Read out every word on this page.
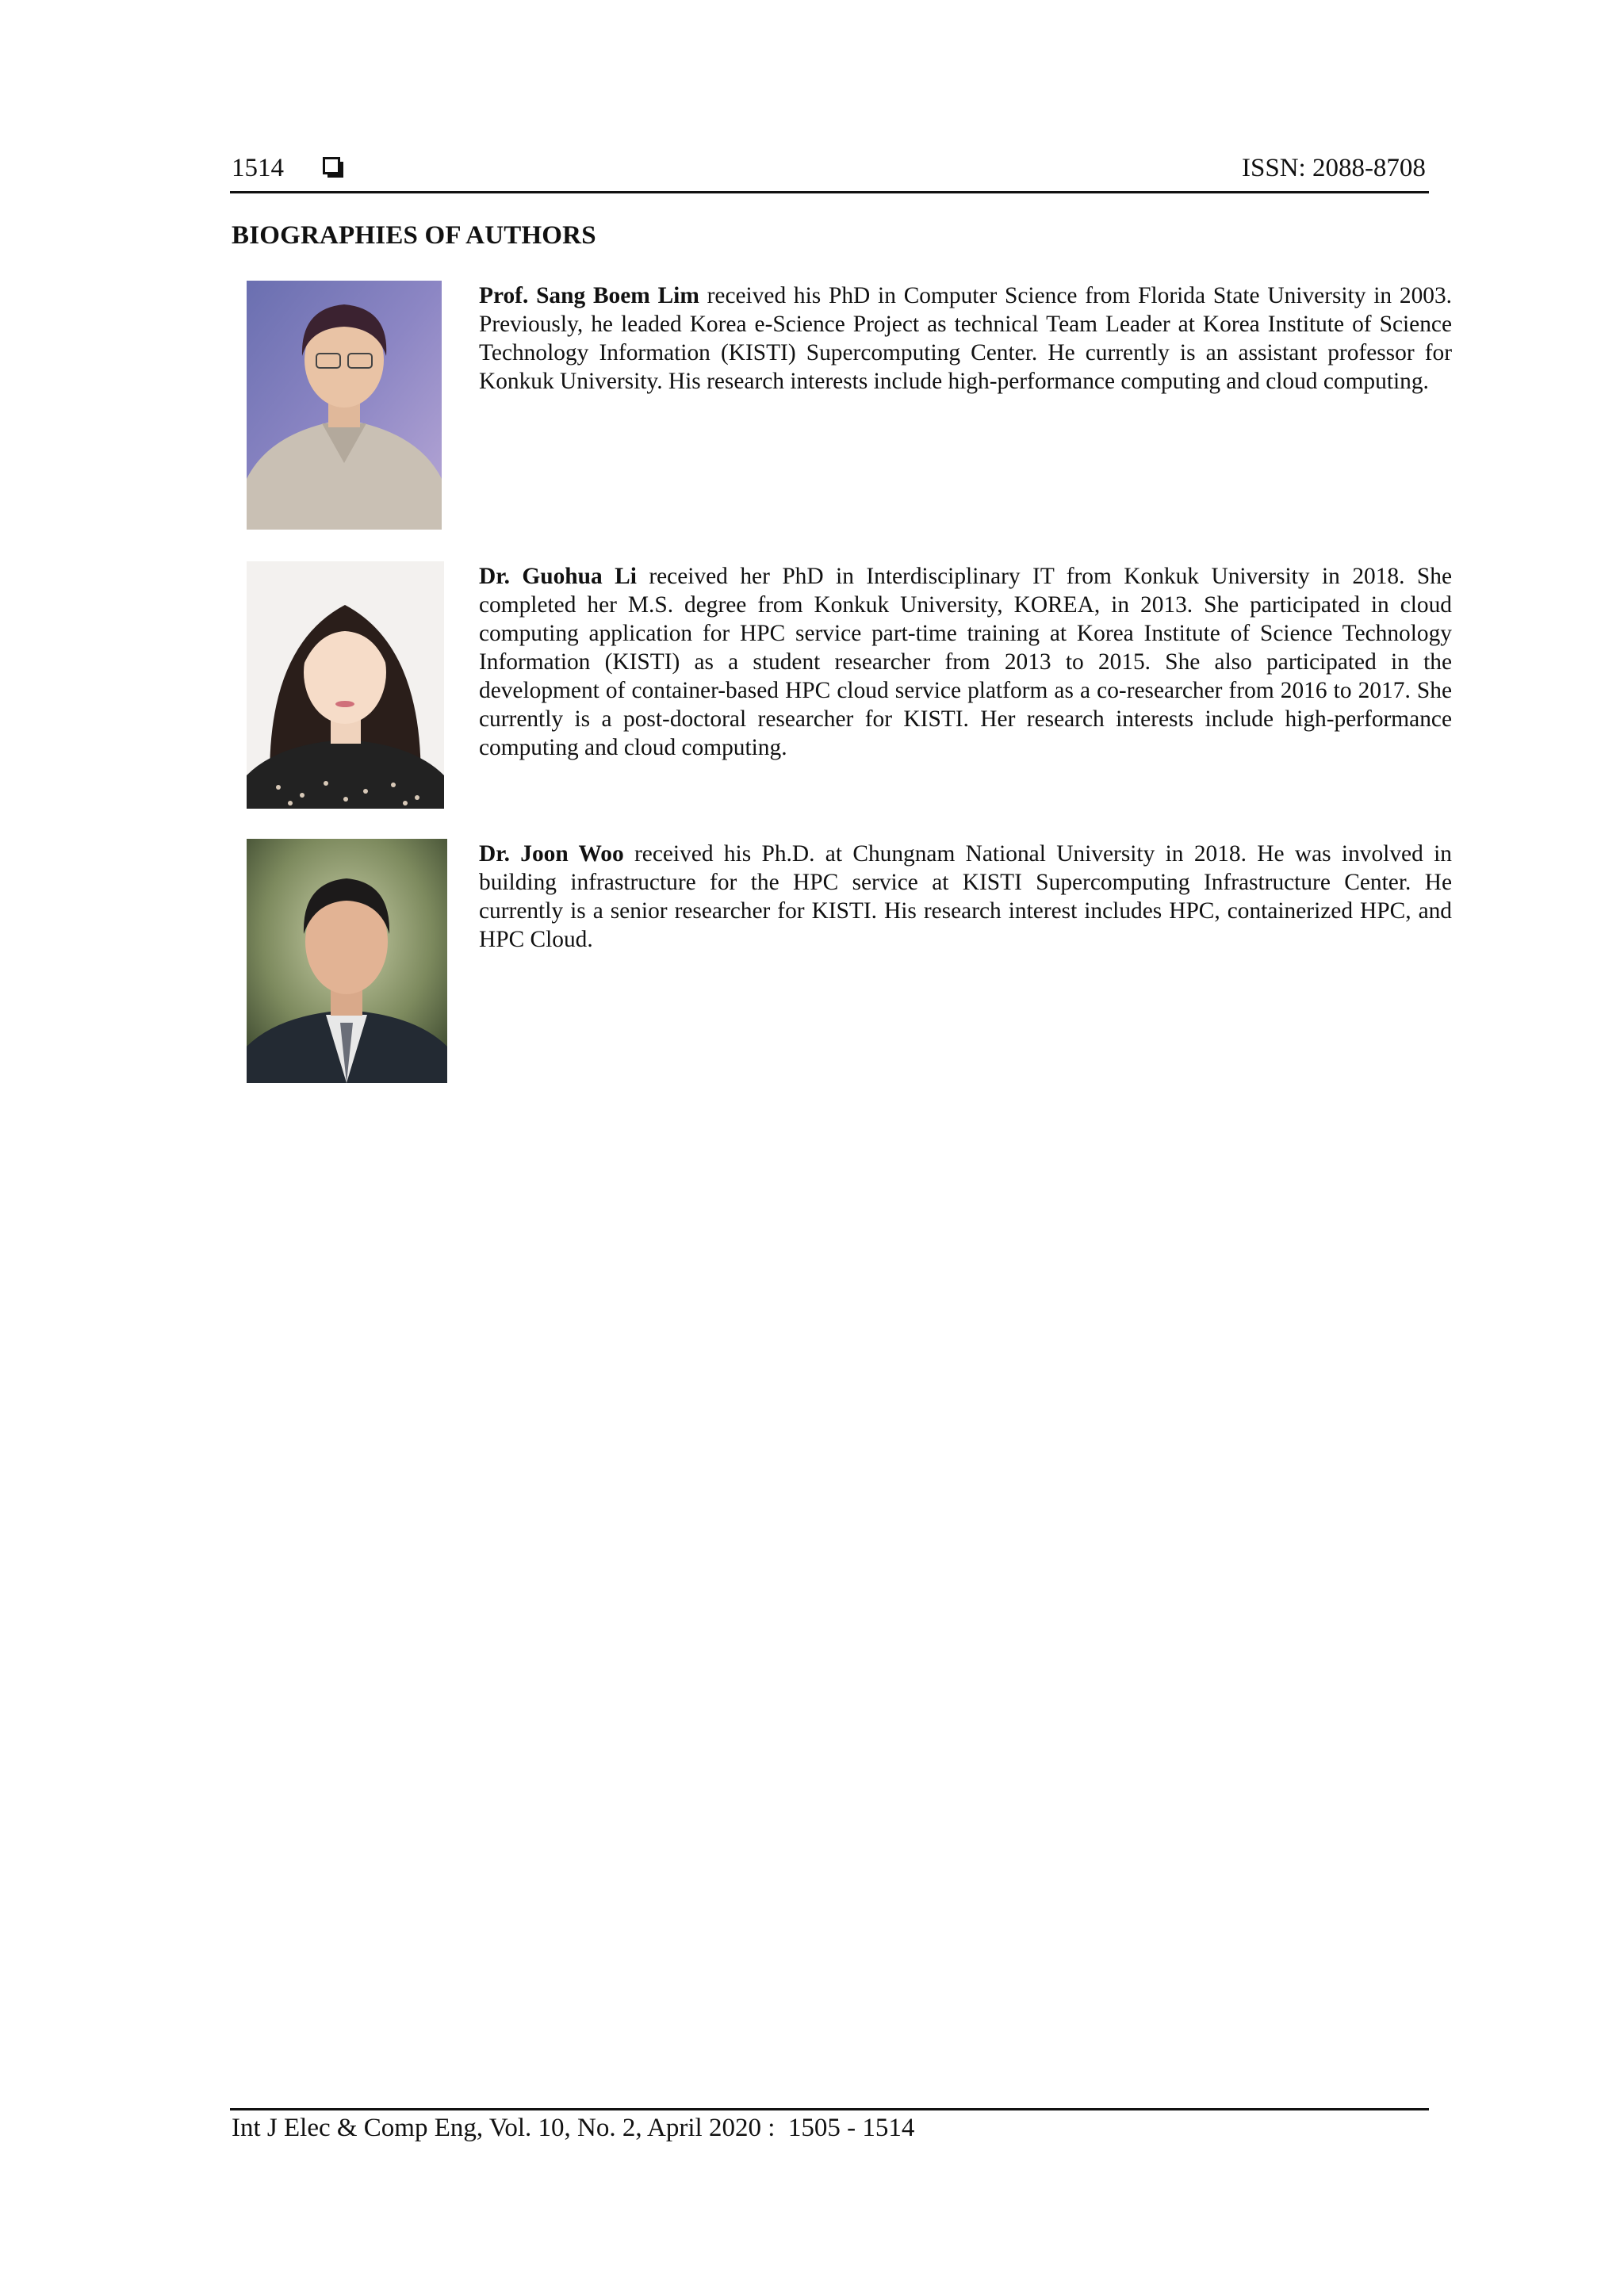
1514	ISSN: 2088-8708
BIOGRAPHIES OF AUTHORS

Prof. Sang Boem Lim received his PhD in Computer Science from Florida State University in 2003. Previously, he leaded Korea e-Science Project as technical Team Leader at Korea Institute of Science Technology Information (KISTI) Supercomputing Center. He currently is an assistant professor for Konkuk University. His research interests include high-performance computing and cloud computing.

Dr. Guohua Li received her PhD in Interdisciplinary IT from Konkuk University in 2018. She completed her M.S. degree from Konkuk University, KOREA, in 2013. She participated in cloud computing application for HPC service part-time training at Korea Institute of Science Technology Information (KISTI) as a student researcher from 2013 to 2015. She also participated in the development of container-based HPC cloud service platform as a co-researcher from 2016 to 2017. She currently is a post-doctoral researcher for KISTI. Her research interests include high-performance computing and cloud computing.

Dr. Joon Woo received his Ph.D. at Chungnam National University in 2018. He was involved in building infrastructure for the HPC service at KISTI Supercomputing Infrastructure Center. He currently is a senior researcher for KISTI. His research interest includes HPC, containerized HPC, and HPC Cloud.

Int J Elec & Comp Eng, Vol. 10, No. 2, April 2020 :  1505 - 1514
